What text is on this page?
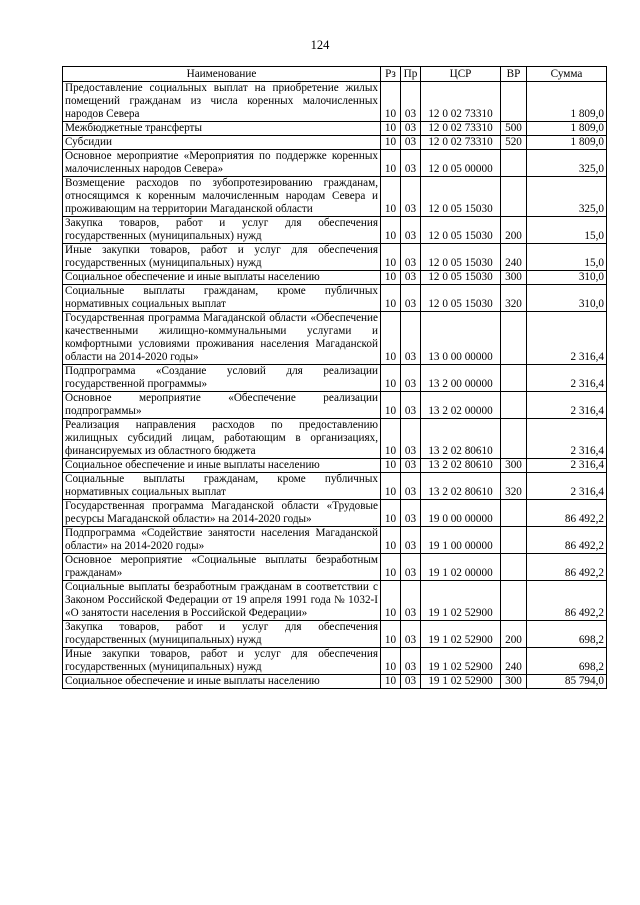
124
Наименование	Рз	Пр	ЦСР	ВР	Сумма
Предоставление социальных выплат на приобретение жилых помещений гражданам из числа коренных малочисленных народов Севера	10	03	12 0 02 73310		1 809,0
Межбюджетные трансферты	10	03	12 0 02 73310	500	1 809,0
Субсидии	10	03	12 0 02 73310	520	1 809,0
Основное мероприятие «Мероприятия по поддержке коренных малочисленных народов Севера»	10	03	12 0 05 00000		325,0
Возмещение расходов по зубопротезированию гражданам, относящимся к коренным малочисленным народам Севера и проживающим на территории Магаданской области	10	03	12 0 05 15030		325,0
Закупка товаров, работ и услуг для обеспечения государственных (муниципальных) нужд	10	03	12 0 05 15030	200	15,0
Иные закупки товаров, работ и услуг для обеспечения государственных (муниципальных) нужд	10	03	12 0 05 15030	240	15,0
Социальное обеспечение и иные выплаты населению	10	03	12 0 05 15030	300	310,0
Социальные выплаты гражданам, кроме публичных нормативных социальных выплат	10	03	12 0 05 15030	320	310,0
Государственная программа Магаданской области «Обеспечение качественными жилищно-коммунальными услугами и комфортными условиями проживания населения Магаданской области на 2014-2020 годы»	10	03	13 0 00 00000		2 316,4
Подпрограмма «Создание условий для реализации государственной программы»	10	03	13 2 00 00000		2 316,4
Основное мероприятие «Обеспечение реализации подпрограммы»	10	03	13 2 02 00000		2 316,4
Реализация направления расходов по предоставлению жилищных субсидий лицам, работающим в организациях, финансируемых из областного бюджета	10	03	13 2 02 80610		2 316,4
Социальное обеспечение и иные выплаты населению	10	03	13 2 02 80610	300	2 316,4
Социальные выплаты гражданам, кроме публичных нормативных социальных выплат	10	03	13 2 02 80610	320	2 316,4
Государственная программа Магаданской области «Трудовые ресурсы Магаданской области» на 2014-2020 годы»	10	03	19 0 00 00000		86 492,2
Подпрограмма «Содействие занятости населения Магаданской области» на 2014-2020 годы»	10	03	19 1 00 00000		86 492,2
Основное мероприятие «Социальные выплаты безработным гражданам»	10	03	19 1 02 00000		86 492,2
Социальные выплаты безработным гражданам в соответствии с Законом Российской Федерации от 19 апреля 1991 года № 1032-I «О занятости населения в Российской Федерации»	10	03	19 1 02 52900		86 492,2
Закупка товаров, работ и услуг для обеспечения государственных (муниципальных) нужд	10	03	19 1 02 52900	200	698,2
Иные закупки товаров, работ и услуг для обеспечения государственных (муниципальных) нужд	10	03	19 1 02 52900	240	698,2
Социальное обеспечение и иные выплаты населению	10	03	19 1 02 52900	300	85 794,0
